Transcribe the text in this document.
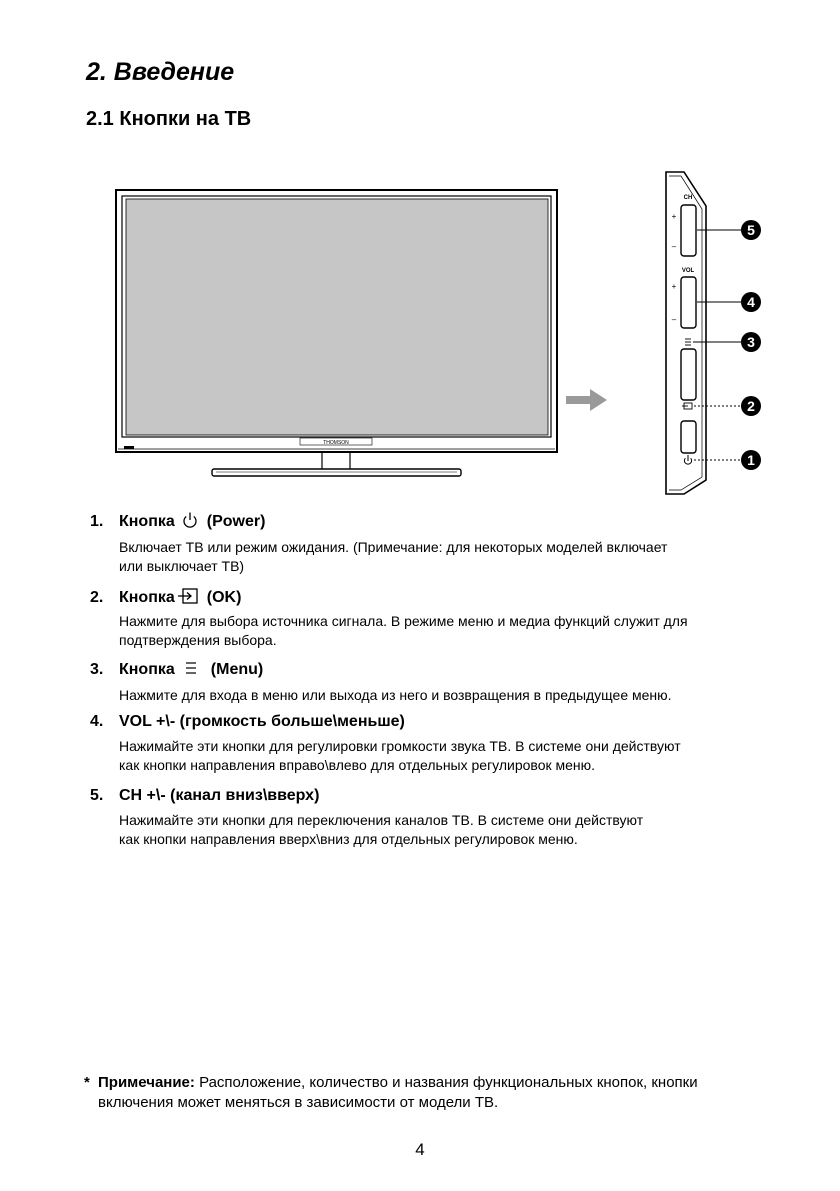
2. Введение
2.1 Кнопки на ТВ
THOMSON
CH
+
–
VOL
+
–
5
4
3
2
1
1. Кнопка (Power)
Включает ТВ или режим ожидания. (Примечание: для некоторых моделей включает
или выключает ТВ)
2. Кнопка (OK)
Нажмите для выбора источника сигнала. В режиме меню и медиа функций служит для
подтверждения выбора.
3. Кнопка (Menu)
Нажмите для входа в меню или выхода из него и возвращения в предыдущее меню.
4. VOL +\- (громкость больше\меньше)
Нажимайте эти кнопки для регулировки громкости звука ТВ. В системе они действуют
как кнопки направления вправо\влево для отдельных регулировок меню.
5. CH +\- (канал вниз\вверх)
Нажимайте эти кнопки для переключения каналов ТВ. В системе они действуют
как кнопки направления вверх\вниз для отдельных регулировок меню.
* Примечание: Расположение, количество и названия функциональных кнопок, кнопки
включения может меняться в зависимости от модели ТВ.
4
